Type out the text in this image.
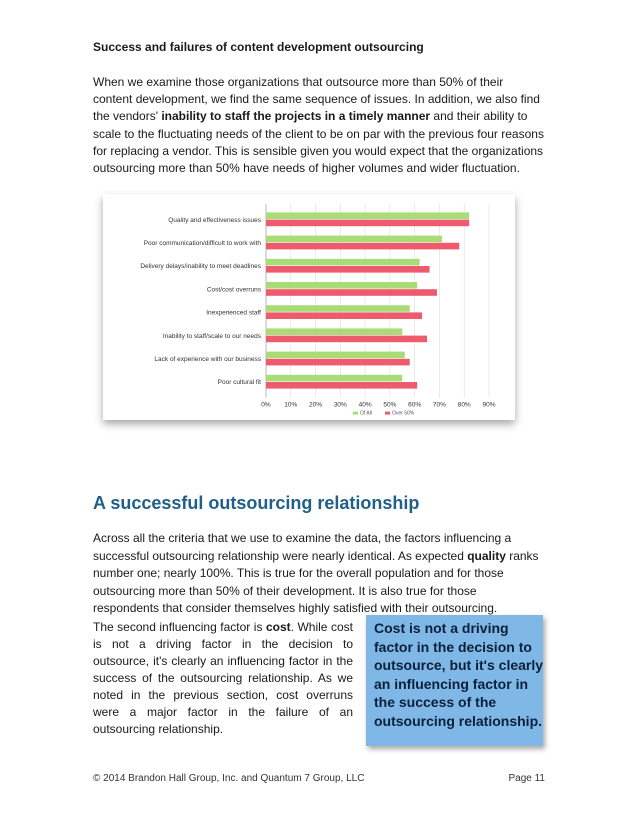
Success and failures of content development outsourcing
When we examine those organizations that outsource more than 50% of their content development, we find the same sequence of issues. In addition, we also find the vendors' inability to staff the projects in a timely manner and their ability to scale to the fluctuating needs of the client to be on par with the previous four reasons for replacing a vendor. This is sensible given you would expect that the organizations outsourcing more than 50% have needs of higher volumes and wider fluctuation.
0% 10% 20% 30% 40% 50% 60% 70% 80% 90%
Quality and effectiveness issues
Poor communication/difficult to work with
Delivery delays/inability to meet deadlines
Cost/cost overruns
Inexperienced staff
Inability to staff/scale to our needs
Lack of experience with our business
Poor cultural fit
Of All	Over 50%
A successful outsourcing relationship
Across all the criteria that we use to examine the data, the factors influencing a successful outsourcing relationship were nearly identical. As expected quality ranks number one; nearly 100%. This is true for the overall population and for those outsourcing more than 50% of their development. It is also true for those respondents that consider themselves highly satisfied with their outsourcing.
The second influencing factor is cost. While cost is not a driving factor in the decision to outsource, it's clearly an influencing factor in the success of the outsourcing relationship. As we noted in the previous section, cost overruns were a major factor in the failure of an outsourcing relationship.
Cost is not a driving factor in the decision to outsource, but it's clearly an influencing factor in the success of the outsourcing relationship.
© 2014 Brandon Hall Group, Inc. and Quantum 7 Group, LLC	Page 11
